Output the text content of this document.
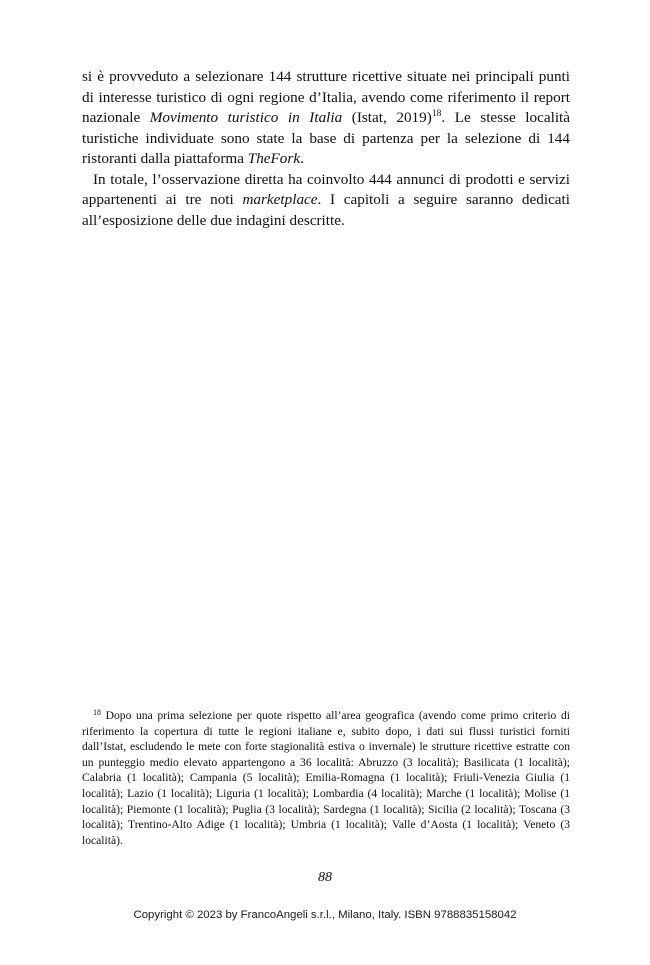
si è provveduto a selezionare 144 strutture ricettive situate nei principali punti di interesse turistico di ogni regione d’Italia, avendo come riferimento il report nazionale Movimento turistico in Italia (Istat, 2019)$^{18}$. Le stesse località turistiche individuate sono state la base di partenza per la selezione di 144 ristoranti dalla piattaforma TheFork.

In totale, l’osservazione diretta ha coinvolto 444 annunci di prodotti e servizi appartenenti ai tre noti marketplace. I capitoli a seguire saranno dedicati all’esposizione delle due indagini descritte.

$^{18}$ Dopo una prima selezione per quote rispetto all’area geografica (avendo come primo criterio di riferimento la copertura di tutte le regioni italiane e, subito dopo, i dati sui flussi turistici forniti dall’Istat, escludendo le mete con forte stagionalità estiva o invernale) le strutture ricettive estratte con un punteggio medio elevato appartengono a 36 località: Abruzzo (3 località); Basilicata (1 località); Calabria (1 località); Campania (5 località); Emilia-Romagna (1 località); Friuli-Venezia Giulia (1 località); Lazio (1 località); Liguria (1 località); Lombardia (4 località); Marche (1 località); Molise (1 località); Piemonte (1 località); Puglia (3 località); Sardegna (1 località); Sicilia (2 località); Toscana (3 località); Trentino-Alto Adige (1 località); Umbria (1 località); Valle d’Aosta (1 località); Veneto (3 località).

88
Copyright © 2023 by FrancoAngeli s.r.l., Milano, Italy. ISBN 9788835158042
